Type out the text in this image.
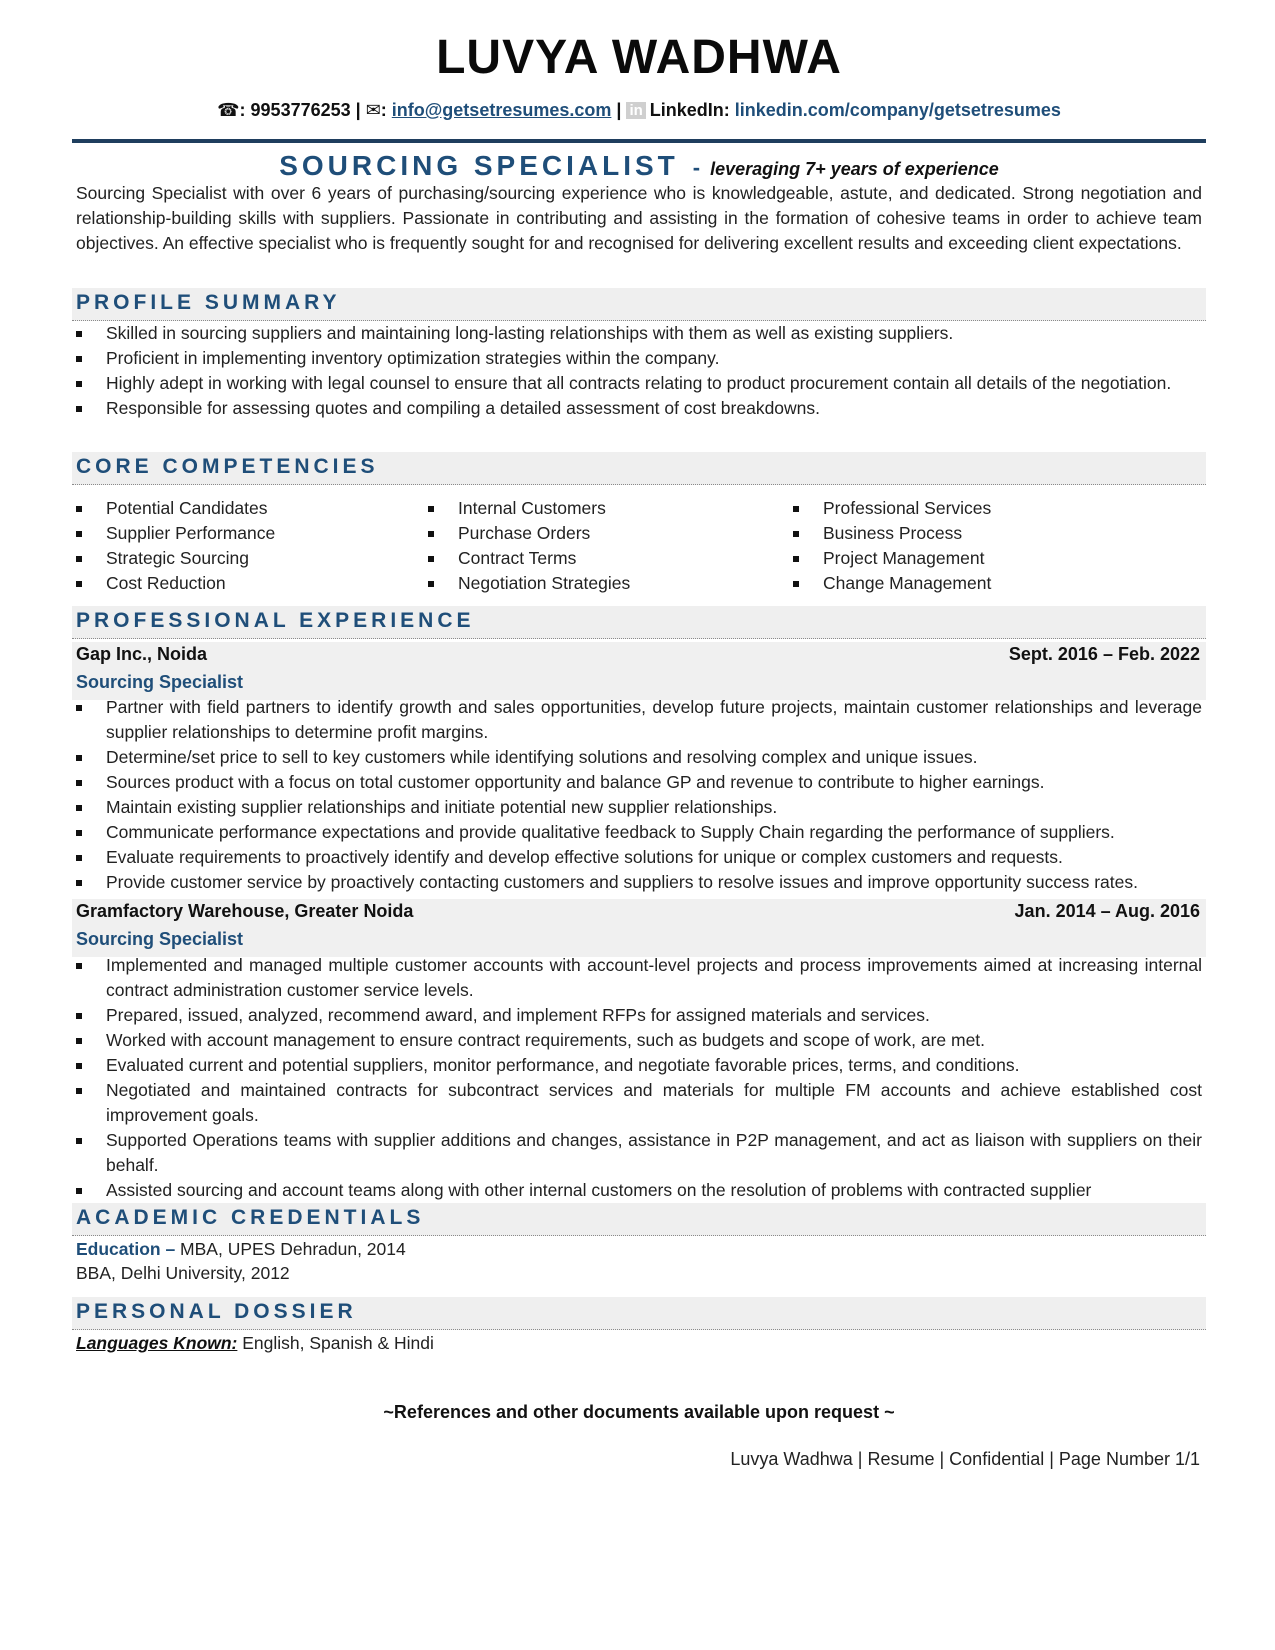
LUVYA WADHWA
☎: 9953776253 | ✉: info@getsetresumes.com | in LinkedIn: linkedin.com/company/getsetresumes
SOURCING SPECIALIST - leveraging 7+ years of experience
Sourcing Specialist with over 6 years of purchasing/sourcing experience who is knowledgeable, astute, and dedicated. Strong negotiation and relationship-building skills with suppliers. Passionate in contributing and assisting in the formation of cohesive teams in order to achieve team objectives. An effective specialist who is frequently sought for and recognised for delivering excellent results and exceeding client expectations.
PROFILE SUMMARY
Skilled in sourcing suppliers and maintaining long-lasting relationships with them as well as existing suppliers.
Proficient in implementing inventory optimization strategies within the company.
Highly adept in working with legal counsel to ensure that all contracts relating to product procurement contain all details of the negotiation.
Responsible for assessing quotes and compiling a detailed assessment of cost breakdowns.
CORE COMPETENCIES
Potential Candidates
Supplier Performance
Strategic Sourcing
Cost Reduction
Internal Customers
Purchase Orders
Contract Terms
Negotiation Strategies
Professional Services
Business Process
Project Management
Change Management
PROFESSIONAL EXPERIENCE
Gap Inc., Noida	Sept. 2016 – Feb. 2022
Sourcing Specialist
Partner with field partners to identify growth and sales opportunities, develop future projects, maintain customer relationships and leverage supplier relationships to determine profit margins.
Determine/set price to sell to key customers while identifying solutions and resolving complex and unique issues.
Sources product with a focus on total customer opportunity and balance GP and revenue to contribute to higher earnings.
Maintain existing supplier relationships and initiate potential new supplier relationships.
Communicate performance expectations and provide qualitative feedback to Supply Chain regarding the performance of suppliers.
Evaluate requirements to proactively identify and develop effective solutions for unique or complex customers and requests.
Provide customer service by proactively contacting customers and suppliers to resolve issues and improve opportunity success rates.
Gramfactory Warehouse, Greater Noida	Jan. 2014 – Aug. 2016
Sourcing Specialist
Implemented and managed multiple customer accounts with account-level projects and process improvements aimed at increasing internal contract administration customer service levels.
Prepared, issued, analyzed, recommend award, and implement RFPs for assigned materials and services.
Worked with account management to ensure contract requirements, such as budgets and scope of work, are met.
Evaluated current and potential suppliers, monitor performance, and negotiate favorable prices, terms, and conditions.
Negotiated and maintained contracts for subcontract services and materials for multiple FM accounts and achieve established cost improvement goals.
Supported Operations teams with supplier additions and changes, assistance in P2P management, and act as liaison with suppliers on their behalf.
Assisted sourcing and account teams along with other internal customers on the resolution of problems with contracted supplier
ACADEMIC CREDENTIALS
Education – MBA, UPES Dehradun, 2014
BBA, Delhi University, 2012
PERSONAL DOSSIER
Languages Known: English, Spanish & Hindi
~References and other documents available upon request ~
Luvya Wadhwa | Resume | Confidential | Page Number 1/1
